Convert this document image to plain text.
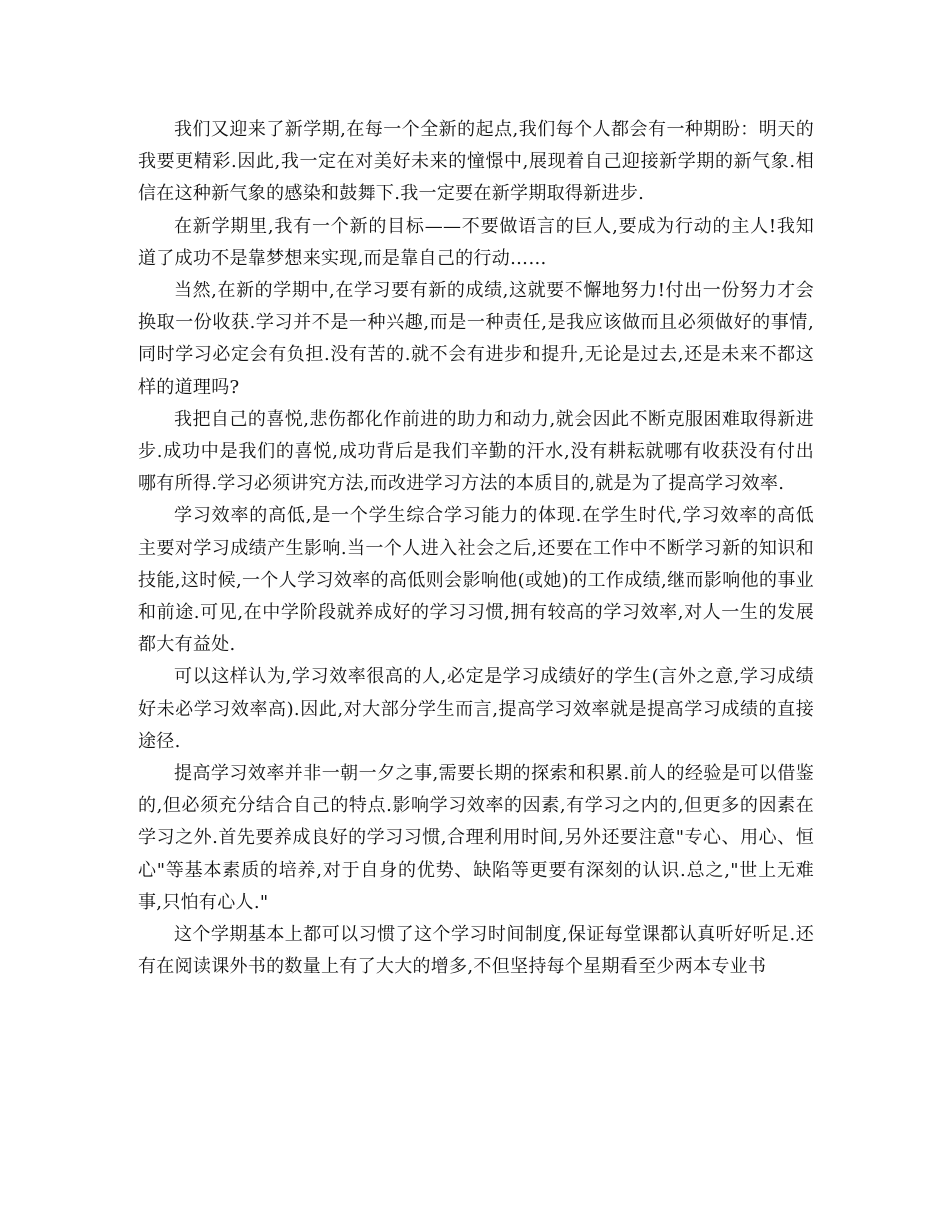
我们又迎来了新学期,在每一个全新的起点,我们每个人都会有一种期盼：明天的我要更精彩.因此,我一定在对美好未来的憧憬中,展现着自己迎接新学期的新气象.相信在这种新气象的感染和鼓舞下.我一定要在新学期取得新进步.

在新学期里,我有一个新的目标——不要做语言的巨人,要成为行动的主人!我知道了成功不是靠梦想来实现,而是靠自己的行动……

当然,在新的学期中,在学习要有新的成绩,这就要不懈地努力!付出一份努力才会换取一份收获.学习并不是一种兴趣,而是一种责任,是我应该做而且必须做好的事情,同时学习必定会有负担.没有苦的.就不会有进步和提升,无论是过去,还是未来不都这样的道理吗?

我把自己的喜悦,悲伤都化作前进的助力和动力,就会因此不断克服困难取得新进步.成功中是我们的喜悦,成功背后是我们辛勤的汗水,没有耕耘就哪有收获没有付出哪有所得.学习必须讲究方法,而改进学习方法的本质目的,就是为了提高学习效率.

学习效率的高低,是一个学生综合学习能力的体现.在学生时代,学习效率的高低主要对学习成绩产生影响.当一个人进入社会之后,还要在工作中不断学习新的知识和技能,这时候,一个人学习效率的高低则会影响他(或她)的工作成绩,继而影响他的事业和前途.可见,在中学阶段就养成好的学习习惯,拥有较高的学习效率,对人一生的发展都大有益处.

可以这样认为,学习效率很高的人,必定是学习成绩好的学生(言外之意,学习成绩好未必学习效率高).因此,对大部分学生而言,提高学习效率就是提高学习成绩的直接途径.

提高学习效率并非一朝一夕之事,需要长期的探索和积累.前人的经验是可以借鉴的,但必须充分结合自己的特点.影响学习效率的因素,有学习之内的,但更多的因素在学习之外.首先要养成良好的学习习惯,合理利用时间,另外还要注意"专心、用心、恒心"等基本素质的培养,对于自身的优势、缺陷等更要有深刻的认识.总之,"世上无难事,只怕有心人."

这个学期基本上都可以习惯了这个学习时间制度,保证每堂课都认真听好听足.还有在阅读课外书的数量上有了大大的增多,不但坚持每个星期看至少两本专业书
